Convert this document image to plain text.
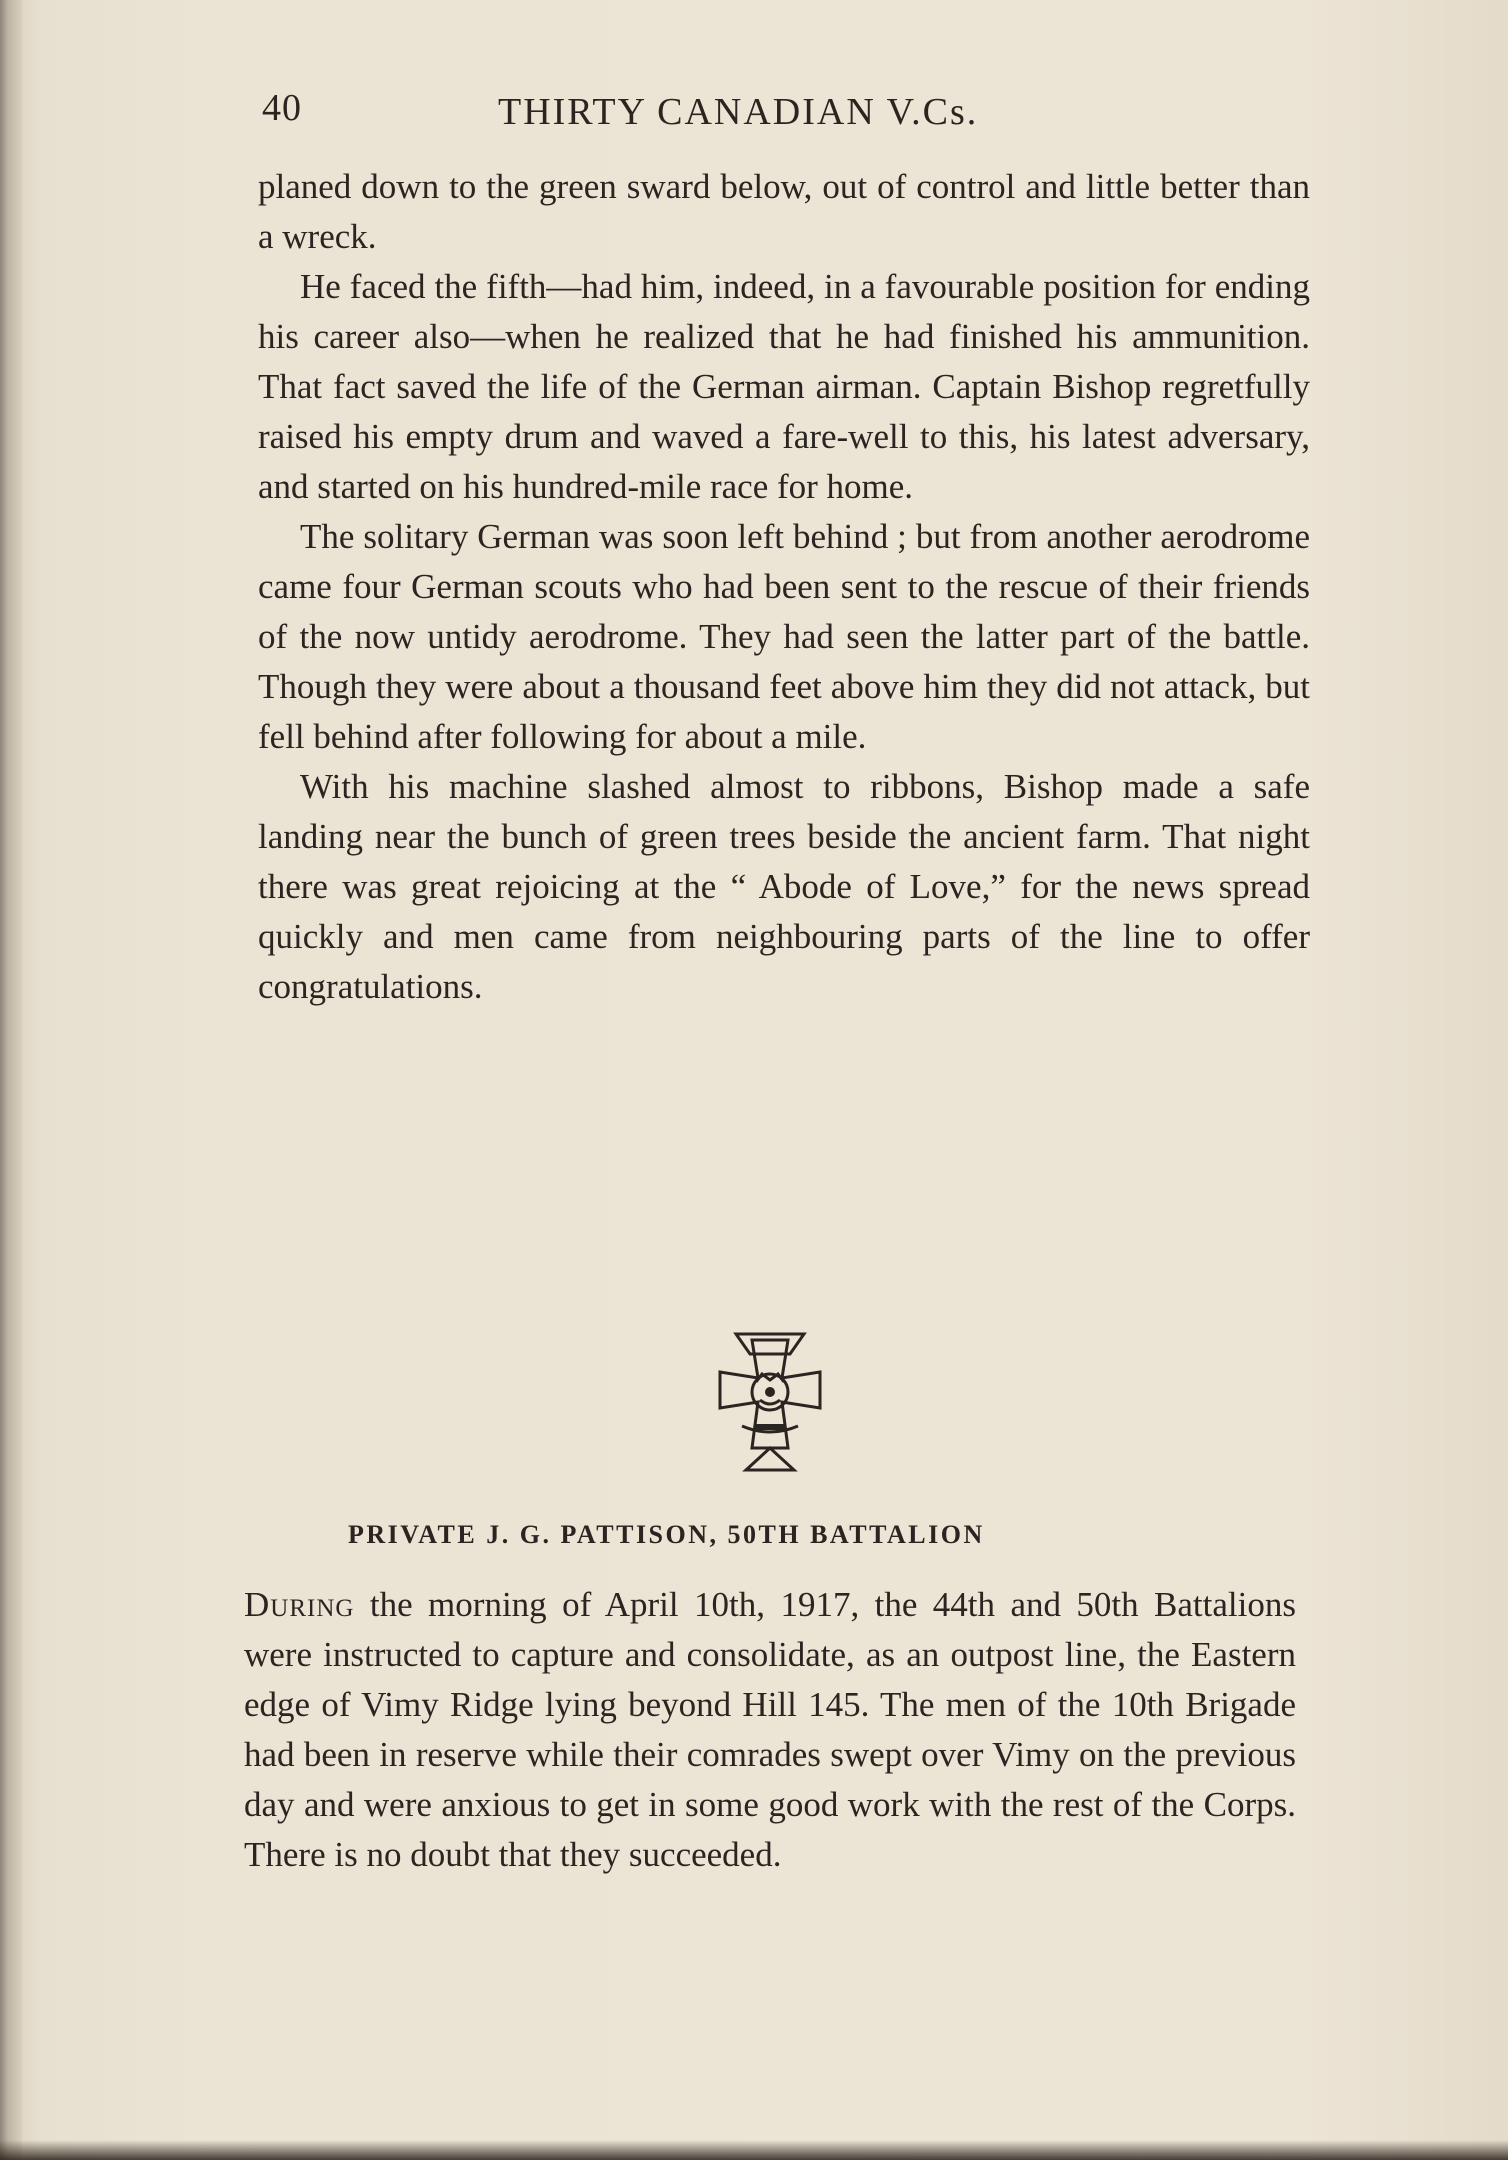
40	THIRTY CANADIAN V.Cs.

planed down to the green sward below, out of control and little better than a wreck.

He faced the fifth—had him, indeed, in a favourable position for ending his career also—when he realized that he had finished his ammunition. That fact saved the life of the German airman. Captain Bishop regretfully raised his empty drum and waved a fare-well to this, his latest adversary, and started on his hundred-mile race for home.

The solitary German was soon left behind ; but from another aerodrome came four German scouts who had been sent to the rescue of their friends of the now untidy aerodrome. They had seen the latter part of the battle. Though they were about a thousand feet above him they did not attack, but fell behind after following for about a mile.

With his machine slashed almost to ribbons, Bishop made a safe landing near the bunch of green trees beside the ancient farm. That night there was great rejoicing at the “ Abode of Love,” for the news spread quickly and men came from neighbouring parts of the line to offer congratulations.

PRIVATE J. G. PATTISON, 50TH BATTALION

During the morning of April 10th, 1917, the 44th and 50th Battalions were instructed to capture and consolidate, as an outpost line, the Eastern edge of Vimy Ridge lying beyond Hill 145. The men of the 10th Brigade had been in reserve while their comrades swept over Vimy on the previous day and were anxious to get in some good work with the rest of the Corps. There is no doubt that they succeeded.
